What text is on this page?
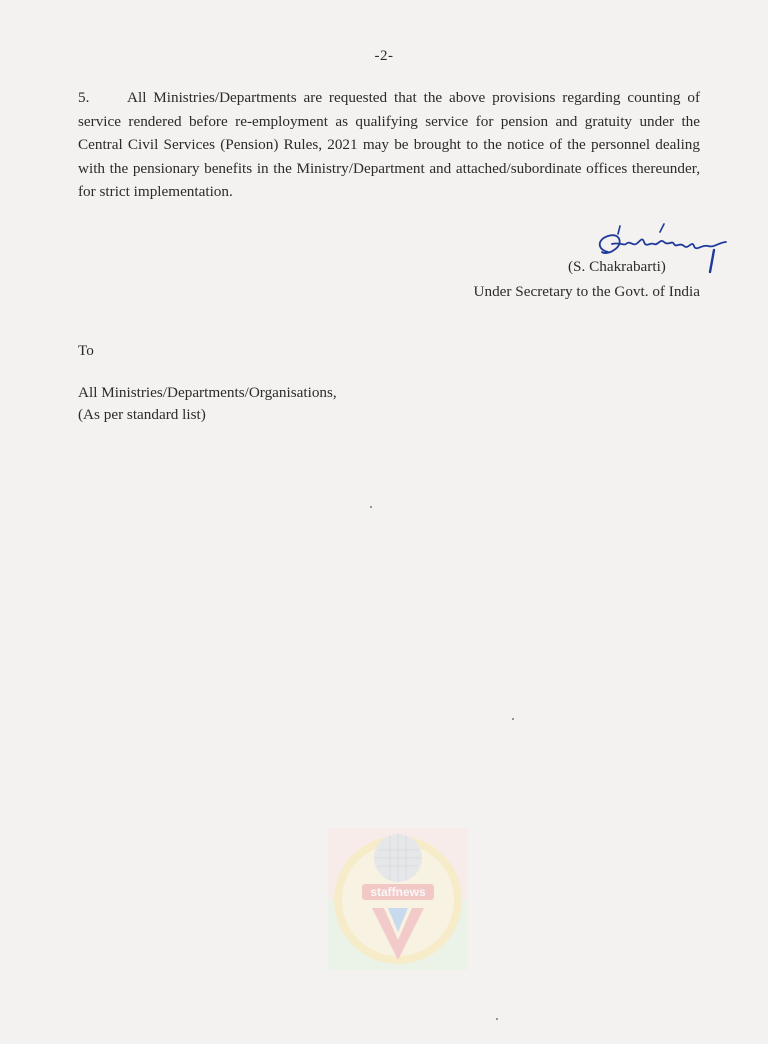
-2-

5. All Ministries/Departments are requested that the above provisions regarding counting of service rendered before re-employment as qualifying service for pension and gratuity under the Central Civil Services (Pension) Rules, 2021 may be brought to the notice of the personnel dealing with the pensionary benefits in the Ministry/Department and attached/subordinate offices thereunder, for strict implementation.

(S. Chakrabarti)
Under Secretary to the Govt. of India
To
All Ministries/Departments/Organisations,
(As per standard list)
staffnews
